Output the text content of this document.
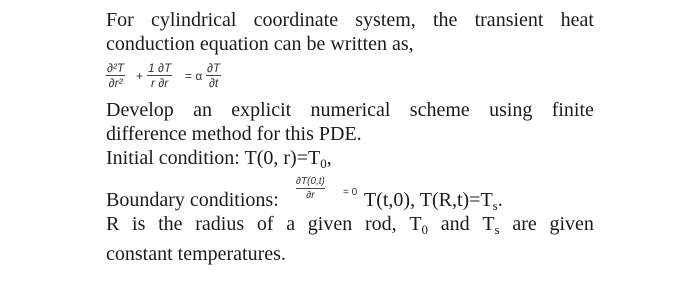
For cylindrical coordinate system, the transient heat
conduction equation can be written as,
∂²T
∂r² +
1 ∂T
r ∂r = α
∂T
∂t
Develop an explicit numerical scheme using finite
difference method for this PDE.
Initial condition: T(0, $r)=T_0$,
Boundary conditions:
∂T(0,t)
∂r	= 0 T(t,0), $T(R,t)=T_s$.
R is the radius of a given rod, $T_0$ and $T_s$ are given
constant temperatures.
